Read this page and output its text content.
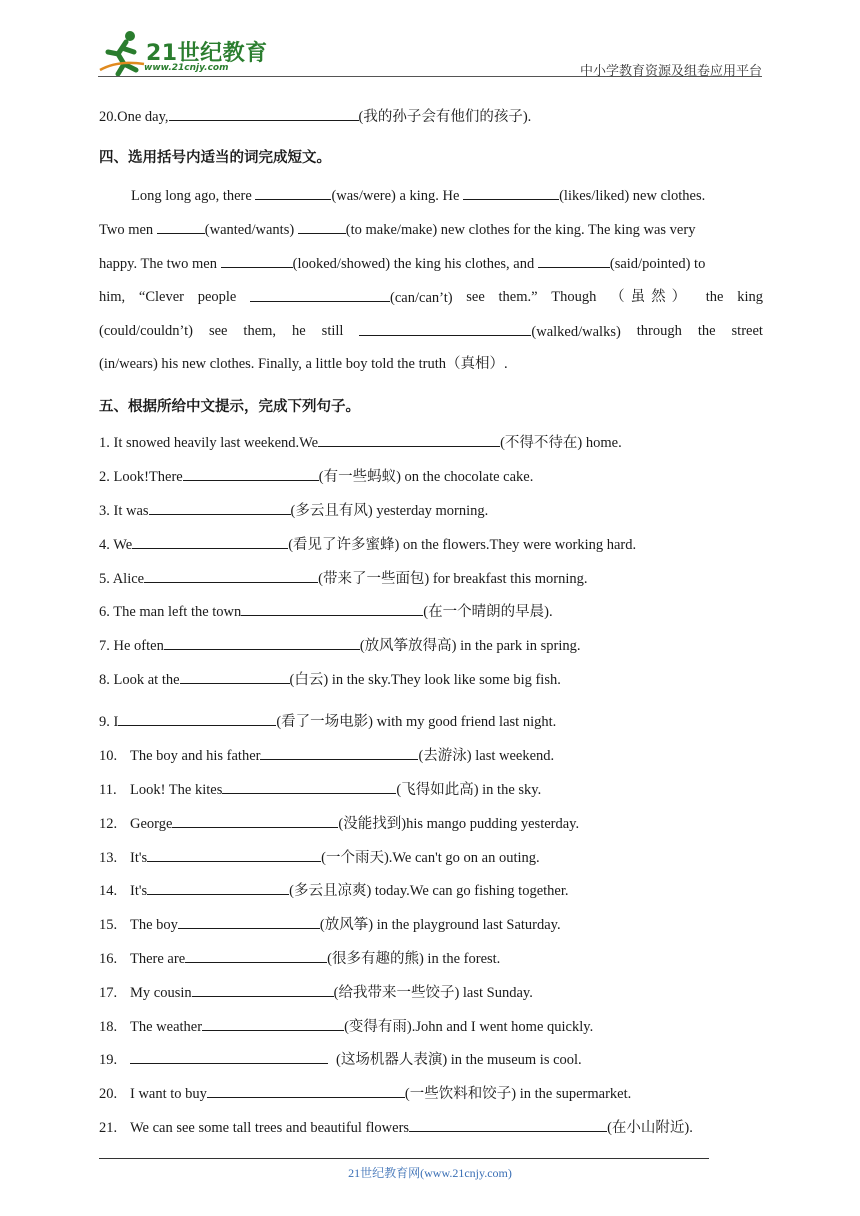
21世纪教育
www.21cnjy.com	中小学教育资源及组卷应用平台
20.One day,	(我的孙子会有他们的孩子).
四、选用括号内适当的词完成短文。
Long long ago, there	(was/were) a king. He	(likes/liked) new clothes.
Two men	(wanted/wants)	(to make/make) new clothes for the king. The king was very
happy. The two men	(looked/showed) the king his clothes, and	(said/pointed) to
him, “Clever people	(can/can’t) see them.” Though （虽然） the king
(could/couldn’t) see them, he still	(walked/walks) through the street
(in/wears) his new clothes. Finally, a little boy told the truth（真相）.
五、根据所给中文提示，完成下列句子。
1. It snowed heavily last weekend.We	(不得不待在) home.
2. Look!There	(有一些蚂蚁) on the chocolate cake.
3. It was	(多云且有风) yesterday morning.
4. We	(看见了许多蜜蜂) on the flowers.They were working hard.
5. Alice	(带来了一些面包) for breakfast this morning.
6. The man left the town	(在一个晴朗的早晨).
7. He often	(放风筝放得高) in the park in spring.
8. Look at the	(白云) in the sky.They look like some big fish.
9. I	(看了一场电影) with my good friend last night.
10. The boy and his father	(去游泳) last weekend.
11. Look! The kites	(飞得如此高) in the sky.
12. George	(没能找到)his mango pudding yesterday.
13. It's	(一个雨天).We can't go on an outing.
14. It's	(多云且凉爽) today.We can go fishing together.
15. The boy	(放风筝) in the playground last Saturday.
16. There are	(很多有趣的熊) in the forest.
17. My cousin	(给我带来一些饺子) last Sunday.
18. The weather	(变得有雨).John and I went home quickly.
19.	(这场机器人表演) in the museum is cool.
20. I want to buy	(一些饮料和饺子) in the supermarket.
21. We can see some tall trees and beautiful flowers	(在小山附近).
21世纪教育网(www.21cnjy.com)
